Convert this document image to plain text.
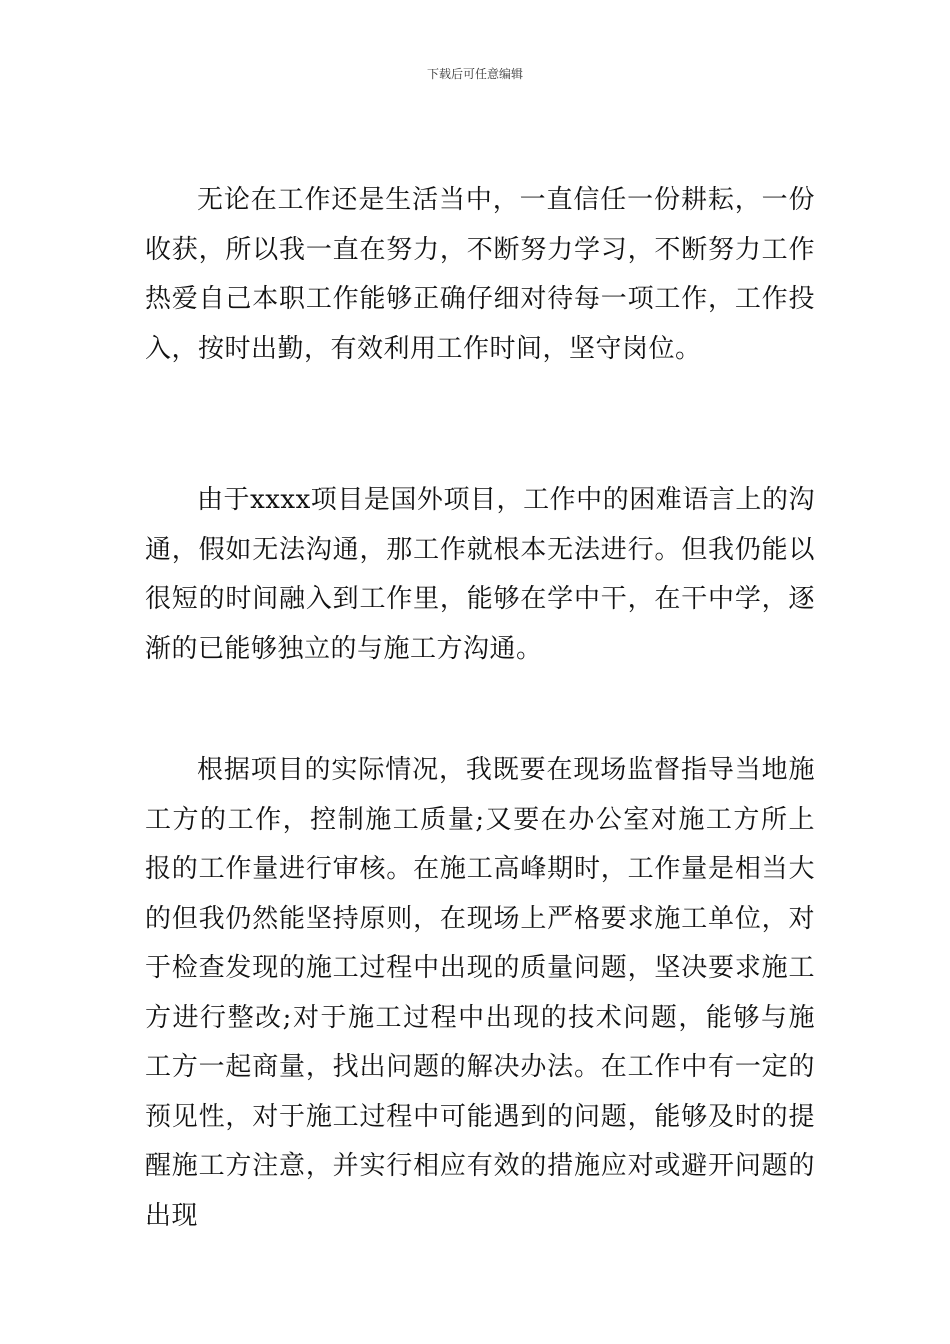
下载后可任意编辑

无论在工作还是生活当中，一直信任一份耕耘，一份收获，所以我一直在努力，不断努力学习，不断努力工作热爱自己本职工作能够正确仔细对待每一项工作，工作投入，按时出勤，有效利用工作时间，坚守岗位。

由于xxxx项目是国外项目，工作中的困难语言上的沟通，假如无法沟通，那工作就根本无法进行。但我仍能以很短的时间融入到工作里，能够在学中干，在干中学，逐渐的已能够独立的与施工方沟通。

根据项目的实际情况，我既要在现场监督指导当地施工方的工作，控制施工质量;又要在办公室对施工方所上报的工作量进行审核。在施工高峰期时，工作量是相当大的但我仍然能坚持原则，在现场上严格要求施工单位，对于检查发现的施工过程中出现的质量问题，坚决要求施工方进行整改;对于施工过程中出现的技术问题，能够与施工方一起商量，找出问题的解决办法。在工作中有一定的预见性，对于施工过程中可能遇到的问题，能够及时的提醒施工方注意，并实行相应有效的措施应对或避开问题的出现
